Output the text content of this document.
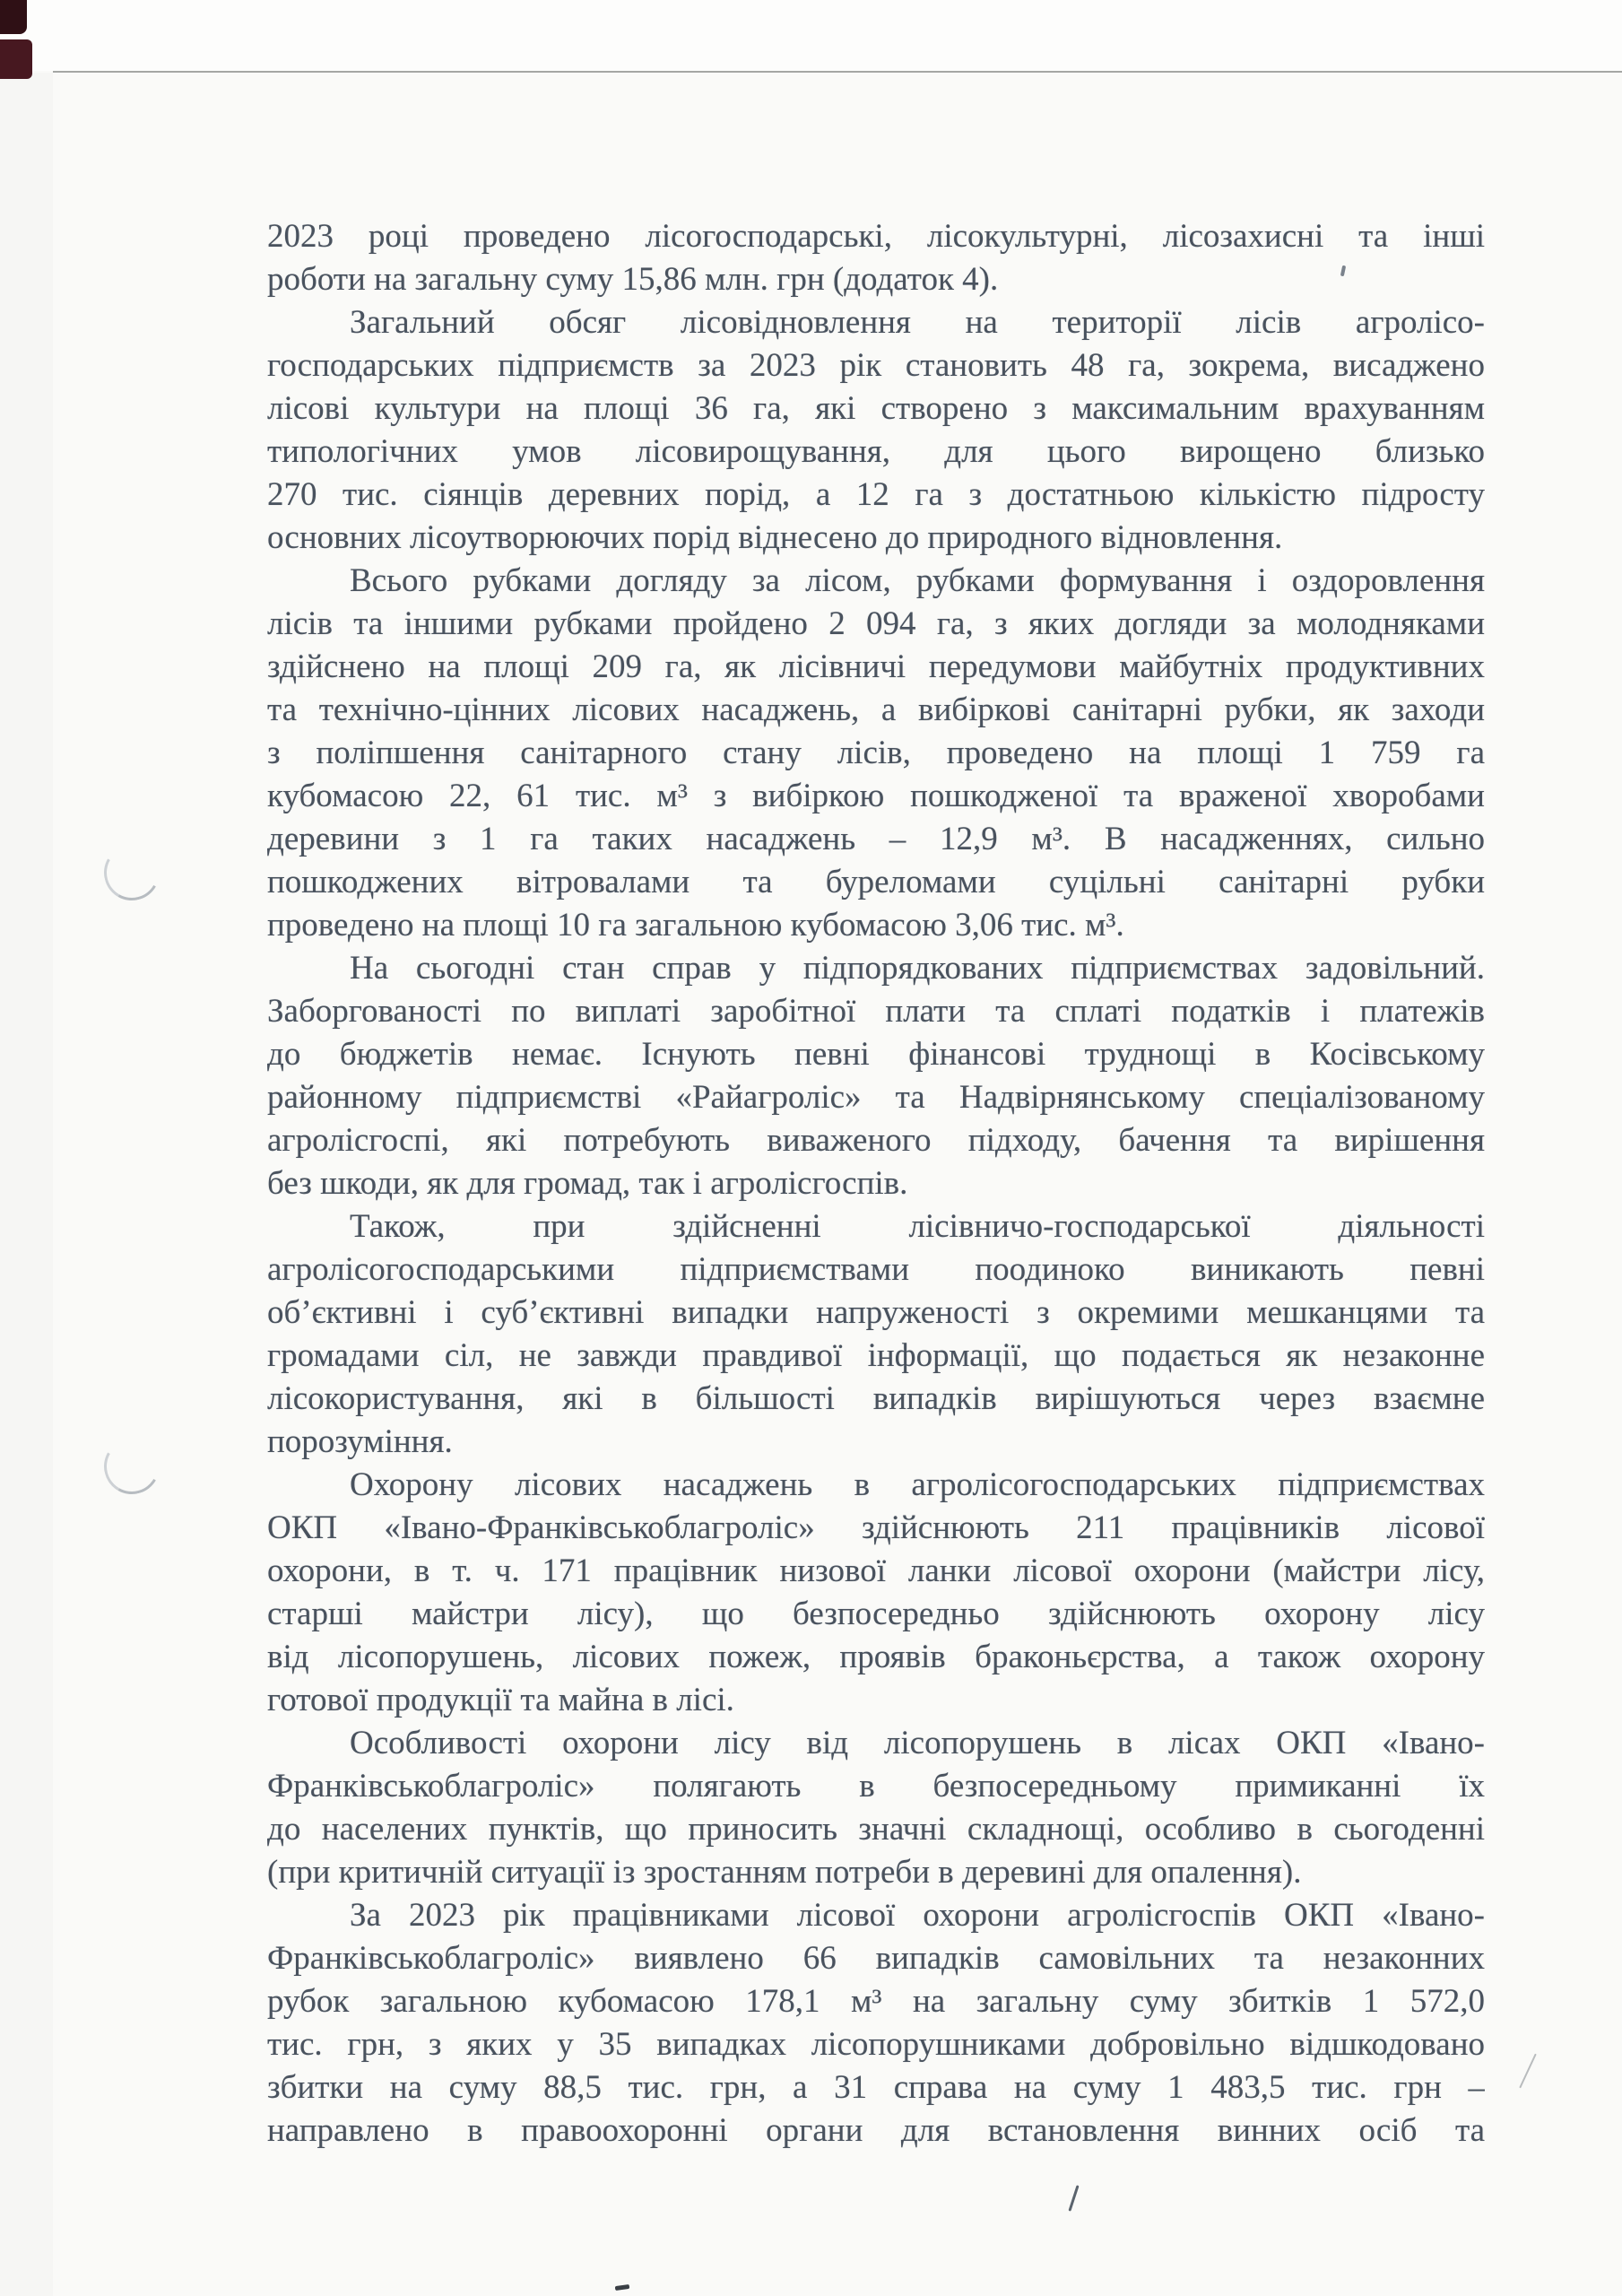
2023 році проведено лісогосподарські, лісокультурні, лісозахисні та інші
роботи на загальну суму 15,86 млн. грн (додаток 4).
Загальний обсяг лісовідновлення на території лісів агролісо-
господарських підприємств за 2023 рік становить 48 га, зокрема, висаджено
лісові культури на площі 36 га, які створено з максимальним врахуванням
типологічних умов лісовирощування, для цього вирощено близько
270 тис. сіянців деревних порід, а 12 га з достатньою кількістю підросту
основних лісоутворюючих порід віднесено до природного відновлення.
Всього рубками догляду за лісом, рубками формування і оздоровлення
лісів та іншими рубками пройдено 2 094 га, з яких догляди за молодняками
здійснено на площі 209 га, як лісівничі передумови майбутніх продуктивних
та технічно-цінних лісових насаджень, а вибіркові санітарні рубки, як заходи
з поліпшення санітарного стану лісів, проведено на площі 1 759 га
кубомасою 22, 61 тис. м³ з вибіркою пошкодженої та враженої хворобами
деревини з 1 га таких насаджень – 12,9 м³. В насадженнях, сильно
пошкоджених вітровалами та буреломами суцільні санітарні рубки
проведено на площі 10 га загальною кубомасою 3,06 тис. м³.
На сьогодні стан справ у підпорядкованих підприємствах задовільний.
Заборгованості по виплаті заробітної плати та сплаті податків і платежів
до бюджетів немає. Існують певні фінансові труднощі в Косівському
районному підприємстві «Райагроліс» та Надвірнянському спеціалізованому
агролісгоспі, які потребують виваженого підходу, бачення та вирішення
без шкоди, як для громад, так і агролісгоспів.
Також, при здійсненні лісівничо-господарської діяльності
агролісогосподарськими підприємствами поодиноко виникають певні
об’єктивні і суб’єктивні випадки напруженості з окремими мешканцями та
громадами сіл, не завжди правдивої інформації, що подається як незаконне
лісокористування, які в більшості випадків вирішуються через взаємне
порозуміння.
Охорону лісових насаджень в агролісогосподарських підприємствах
ОКП «Івано-Франківськоблагроліс» здійснюють 211 працівників лісової
охорони, в т. ч. 171 працівник низової ланки лісової охорони (майстри лісу,
старші майстри лісу), що безпосередньо здійснюють охорону лісу
від лісопорушень, лісових пожеж, проявів браконьєрства, а також охорону
готової продукції та майна в лісі.
Особливості охорони лісу від лісопорушень в лісах ОКП «Івано-
Франківськоблагроліс» полягають в безпосередньому примиканні їх
до населених пунктів, що приносить значні складнощі, особливо в сьогоденні
(при критичній ситуації із зростанням потреби в деревині для опалення).
За 2023 рік працівниками лісової охорони агролісгоспів ОКП «Івано-
Франківськоблагроліс» виявлено 66 випадків самовільних та незаконних
рубок загальною кубомасою 178,1 м³ на загальну суму збитків 1 572,0
тис. грн, з яких у 35 випадках лісопорушниками добровільно відшкодовано
збитки на суму 88,5 тис. грн, а 31 справа на суму 1 483,5 тис. грн –
направлено в правоохоронні органи для встановлення винних осіб та
